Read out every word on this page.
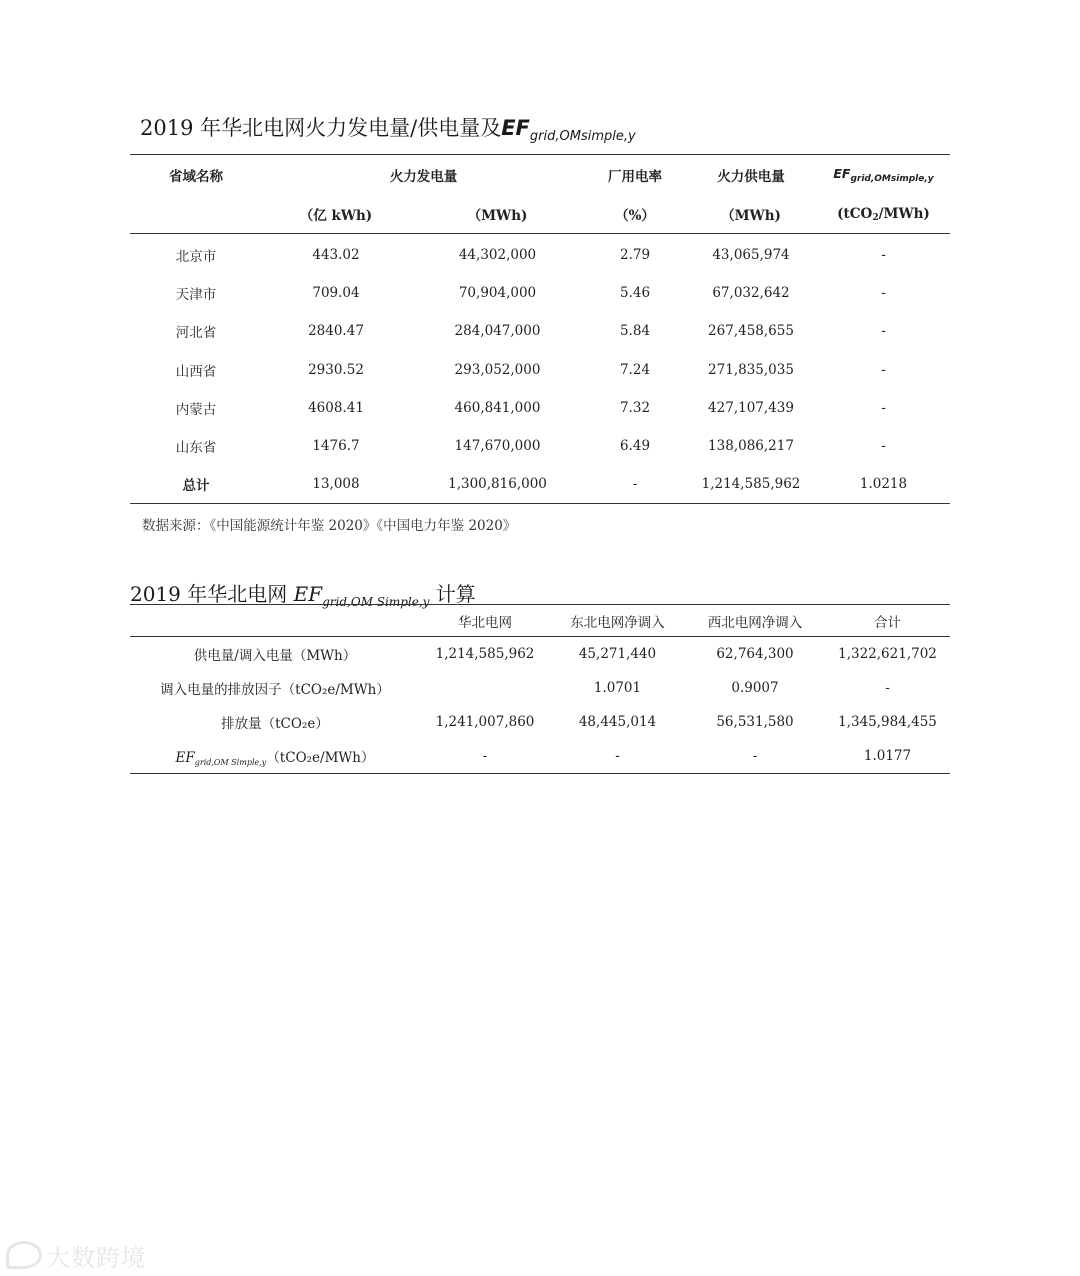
2019 年华北电网火力发电量/供电量及$EF_{grid,OMsimple,y}$
省域名称	火力发电量		厂用电率	火力供电量	$EF_{grid,OMsimple,y}$
	（亿 kWh)	（MWh)	（%）	（MWh)	(tCO2/MWh)
北京市	443.02	44,302,000	2.79	43,065,974	-
天津市	709.04	70,904,000	5.46	67,032,642	-
河北省	2840.47	284,047,000	5.84	267,458,655	-
山西省	2930.52	293,052,000	7.24	271,835,035	-
内蒙古	4608.41	460,841,000	7.32	427,107,439	-
山东省	1476.7	147,670,000	6.49	138,086,217	-
总计	13,008	1,300,816,000	-	1,214,585,962	1.0218
数据来源：《中国能源统计年鉴 2020》《中国电力年鉴 2020》
2019 年华北电网 $EF_{grid,OM Simple,y}$ 计算
	华北电网	东北电网净调入	西北电网净调入	合计
供电量/调入电量（MWh）	1,214,585,962	45,271,440	62,764,300	1,322,621,702
调入电量的排放因子（tCO₂e/MWh）		1.0701	0.9007	-
排放量（tCO₂e）	1,241,007,860	48,445,014	56,531,580	1,345,984,455
$EF_{grid,OM Simple,y}(tCO_2e/MWh)$	-	-	-	1.0177
大数跨境
